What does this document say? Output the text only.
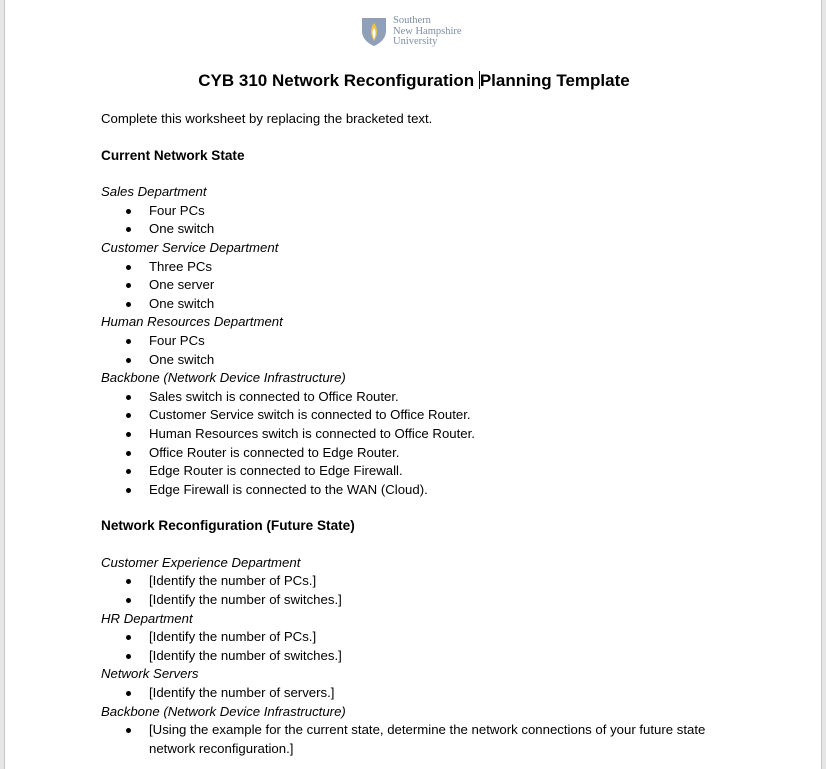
Southern
New Hampshire
University
CYB 310 Network Reconfiguration Planning Template

Complete this worksheet by replacing the bracketed text.

Current Network State

Sales Department

Four PCs
One switch

Customer Service Department

Three PCs
One server
One switch

Human Resources Department

Four PCs
One switch

Backbone (Network Device Infrastructure)

Sales switch is connected to Office Router.
Customer Service switch is connected to Office Router.
Human Resources switch is connected to Office Router.
Office Router is connected to Edge Router.
Edge Router is connected to Edge Firewall.
Edge Firewall is connected to the WAN (Cloud).

Network Reconfiguration (Future State)

Customer Experience Department

[Identify the number of PCs.]
[Identify the number of switches.]

HR Department

[Identify the number of PCs.]
[Identify the number of switches.]

Network Servers

[Identify the number of servers.]

Backbone (Network Device Infrastructure)

[Using the example for the current state, determine the network connections of your future state network reconfiguration.]
